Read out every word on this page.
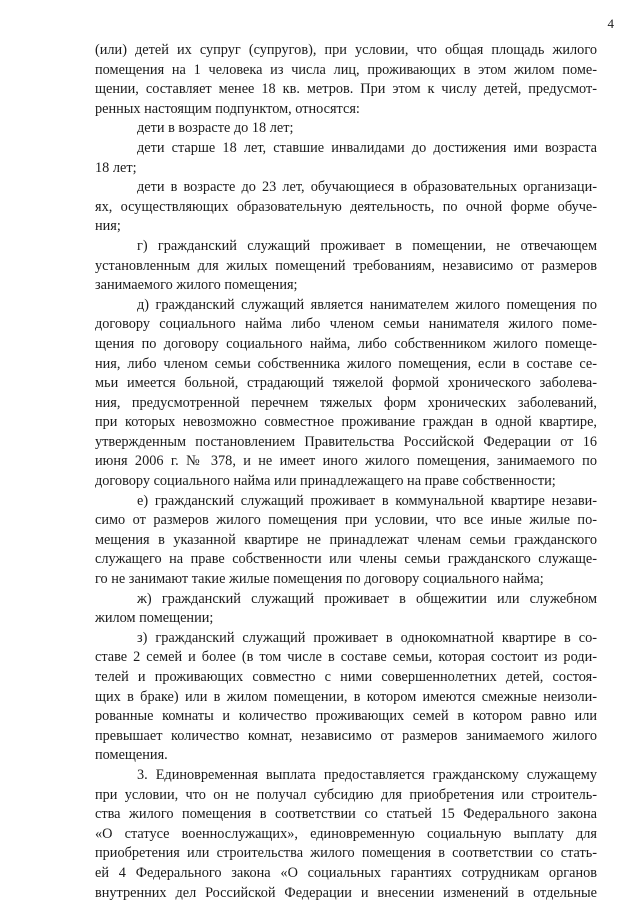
4
(или) детей их супруг (супругов), при условии, что общая площадь жилого
помещения на 1 человека из числа лиц, проживающих в этом жилом поме-
щении, составляет менее 18 кв. метров. При этом к числу детей, предусмот-
ренных настоящим подпунктом, относятся:
дети в возрасте до 18 лет;
дети старше 18 лет, ставшие инвалидами до достижения ими возраста
18 лет;
дети в возрасте до 23 лет, обучающиеся в образовательных организаци-
ях, осуществляющих образовательную деятельность, по очной форме обуче-
ния;
г) гражданский служащий проживает в помещении, не отвечающем
установленным для жилых помещений требованиям, независимо от размеров
занимаемого жилого помещения;
д) гражданский служащий является нанимателем жилого помещения по
договору социального найма либо членом семьи нанимателя жилого поме-
щения по договору социального найма, либо собственником жилого помеще-
ния, либо членом семьи собственника жилого помещения, если в составе се-
мьи имеется больной, страдающий тяжелой формой хронического заболева-
ния, предусмотренной перечнем тяжелых форм хронических заболеваний,
при которых невозможно совместное проживание граждан в одной квартире,
утвержденным постановлением Правительства Российской Федерации от 16
июня 2006 г. № 378, и не имеет иного жилого помещения, занимаемого по
договору социального найма или принадлежащего на праве собственности;
е) гражданский служащий проживает в коммунальной квартире незави-
симо от размеров жилого помещения при условии, что все иные жилые по-
мещения в указанной квартире не принадлежат членам семьи гражданского
служащего на праве собственности или члены семьи гражданского служаще-
го не занимают такие жилые помещения по договору социального найма;
ж) гражданский служащий проживает в общежитии или служебном
жилом помещении;
з) гражданский служащий проживает в однокомнатной квартире в со-
ставе 2 семей и более (в том числе в составе семьи, которая состоит из роди-
телей и проживающих совместно с ними совершеннолетних детей, состоя-
щих в браке) или в жилом помещении, в котором имеются смежные неизоли-
рованные комнаты и количество проживающих семей в котором равно или
превышает количество комнат, независимо от размеров занимаемого жилого
помещения.
3. Единовременная выплата предоставляется гражданскому служащему
при условии, что он не получал субсидию для приобретения или строитель-
ства жилого помещения в соответствии со статьей 15 Федерального закона
«О статусе военнослужащих», единовременную социальную выплату для
приобретения или строительства жилого помещения в соответствии со стать-
ей 4 Федерального закона «О социальных гарантиях сотрудникам органов
внутренних дел Российской Федерации и внесении изменений в отдельные
